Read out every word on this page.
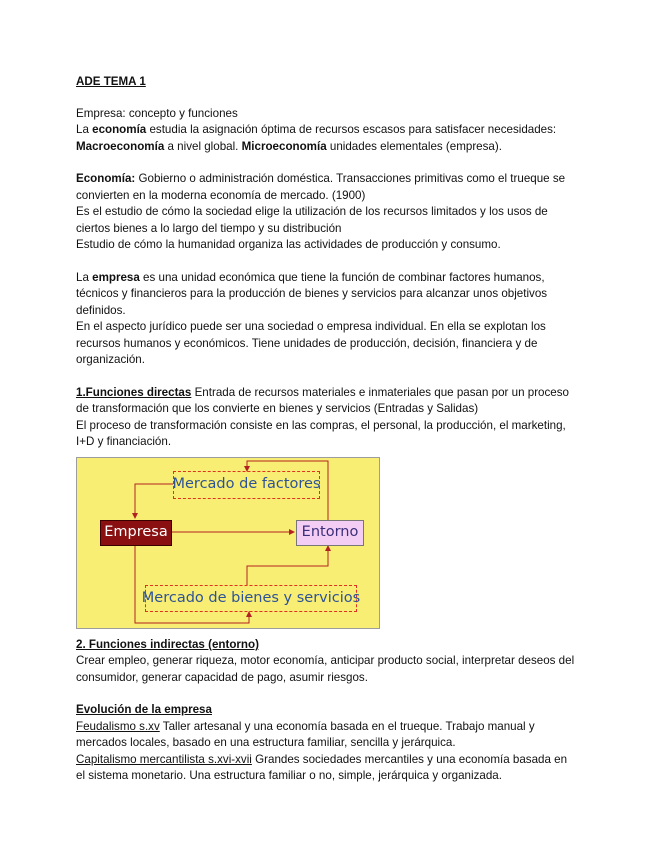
ADE TEMA 1

Empresa: concepto y funciones

La economía estudia la asignación óptima de recursos escasos para satisfacer necesidades:

Macroeconomía a nivel global. Microeconomía unidades elementales (empresa).

Economía: Gobierno o administración doméstica. Transacciones primitivas como el trueque se convierten en la moderna economía de mercado. (1900)

Es el estudio de cómo la sociedad elige la utilización de los recursos limitados y los usos de ciertos bienes a lo largo del tiempo y su distribución

Estudio de cómo la humanidad organiza las actividades de producción y consumo.

La empresa es una unidad económica que tiene la función de combinar factores humanos, técnicos y financieros para la producción de bienes y servicios para alcanzar unos objetivos definidos.

En el aspecto jurídico puede ser una sociedad o empresa individual. En ella se explotan los recursos humanos y económicos. Tiene unidades de producción, decisión, financiera y de organización.

1.Funciones directas Entrada de recursos materiales e inmateriales que pasan por un proceso de transformación que los convierte en bienes y servicios (Entradas y Salidas)

El proceso de transformación consiste en las compras, el personal, la producción, el marketing, I+D y financiación.

Mercado de factores
Empresa	Entorno
Mercado de bienes y servicios

2. Funciones indirectas (entorno)

Crear empleo, generar riqueza, motor economía, anticipar producto social, interpretar deseos del consumidor, generar capacidad de pago, asumir riesgos.

Evolución de la empresa

Feudalismo s.xv Taller artesanal y una economía basada en el trueque. Trabajo manual y mercados locales, basado en una estructura familiar, sencilla y jerárquica.

Capitalismo mercantilista s.xvi-xvii Grandes sociedades mercantiles y una economía basada en el sistema monetario. Una estructura familiar o no, simple, jerárquica y organizada.
